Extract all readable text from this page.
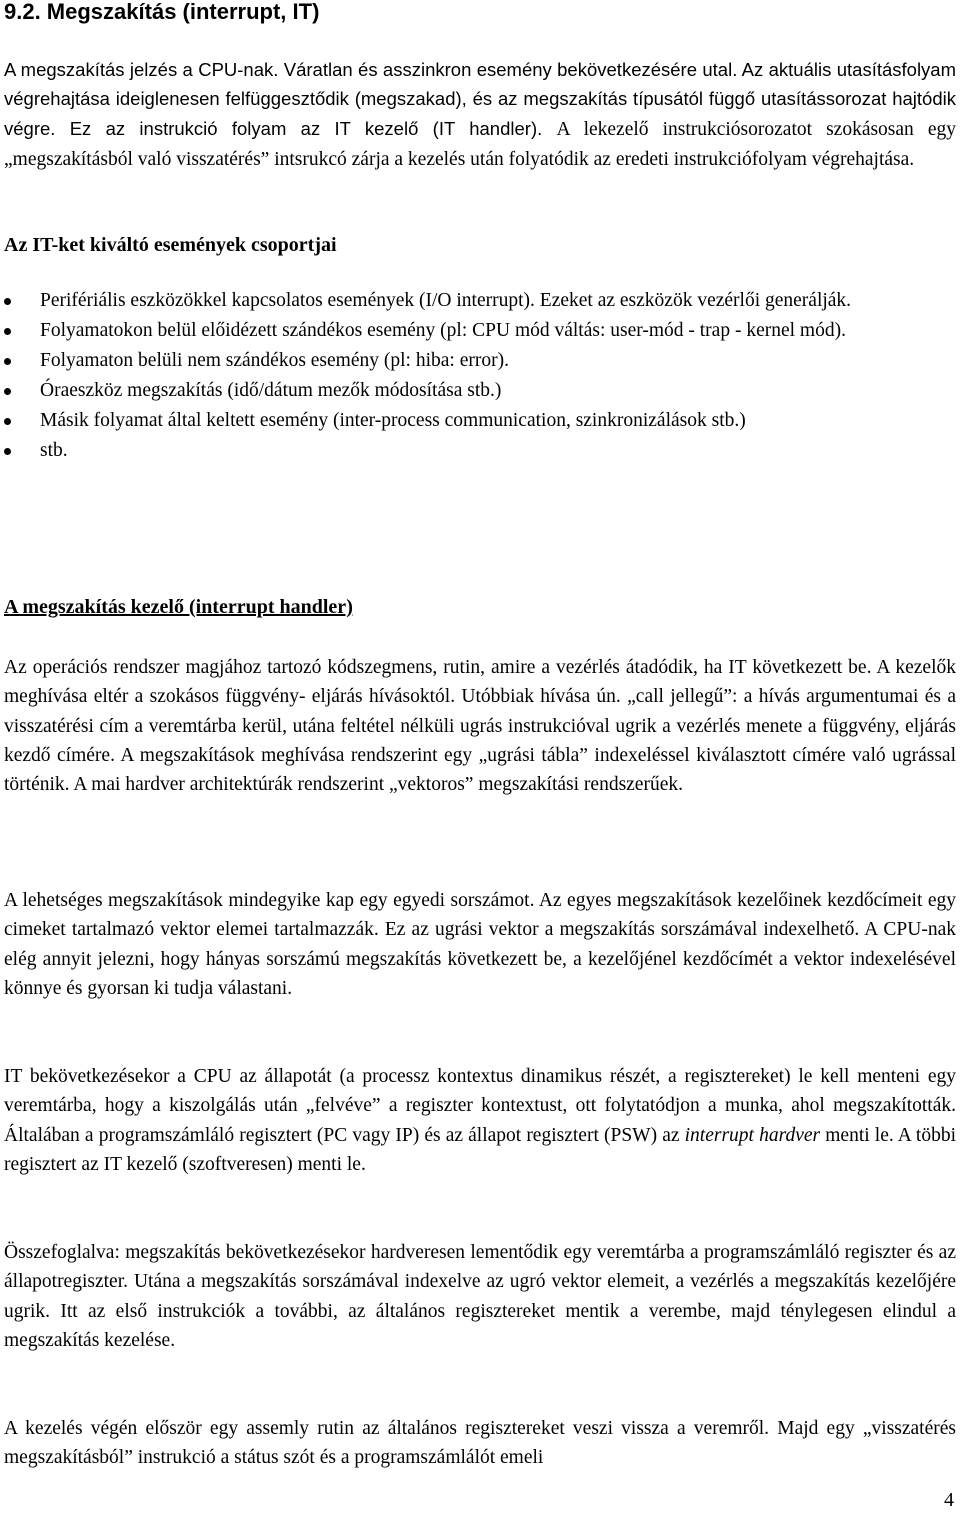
9.2. Megszakítás (interrupt, IT)

A megszakítás jelzés a CPU-nak. Váratlan és asszinkron esemény bekövetkezésére utal. Az aktuális utasításfolyam végrehajtása ideiglenesen felfüggesztődik (megszakad), és az megszakítás típusától függő utasítássorozat hajtódik végre. Ez az instrukció folyam az IT kezelő (IT handler). A lekezelő instrukciósorozatot szokásosan egy „megszakításból való visszatérés” intsrukcó zárja a kezelés után folyatódik az eredeti instrukciófolyam végrehajtása.

Az IT-ket kiváltó események csoportjai
Perifériális eszközökkel kapcsolatos események (I/O interrupt). Ezeket az eszközök vezérlői generálják.
Folyamatokon belül előidézett szándékos esemény (pl: CPU mód váltás: user-mód - trap - kernel mód).
Folyamaton belüli nem szándékos esemény (pl: hiba: error).
Óraeszköz megszakítás (idő/dátum mezők módosítása stb.)
Másik folyamat által keltett esemény (inter-process communication, szinkronizálások stb.)
stb.
A megszakítás kezelő (interrupt handler)

Az operációs rendszer magjához tartozó kódszegmens, rutin, amire a vezérlés átadódik, ha IT következett be. A kezelők meghívása eltér a szokásos függvény- eljárás hívásoktól. Utóbbiak hívása ún. „call jellegű”: a hívás argumentumai és a visszatérési cím a veremtárba kerül, utána feltétel nélküli ugrás instrukcióval ugrik a vezérlés menete a függvény, eljárás kezdő címére. A megszakítások meghívása rendszerint egy „ugrási tábla” indexeléssel kiválasztott címére való ugrással történik. A mai hardver architektúrák rendszerint „vektoros” megszakítási rendszerűek.

A lehetséges megszakítások mindegyike kap egy egyedi sorszámot. Az egyes megszakítások kezelőinek kezdőcímeit egy cimeket tartalmazó vektor elemei tartalmazzák. Ez az ugrási vektor a megszakítás sorszámával indexelhető. A CPU-nak elég annyit jelezni, hogy hányas sorszámú megszakítás következett be, a kezelőjénel kezdőcímét a vektor indexelésével könnye és gyorsan ki tudja válastani.

IT bekövetkezésekor a CPU az állapotát (a processz kontextus dinamikus részét, a regisztereket) le kell menteni egy veremtárba, hogy a kiszolgálás után „felvéve” a regiszter kontextust, ott folytatódjon a munka, ahol megszakították. Általában a programszámláló regisztert (PC vagy IP) és az állapot regisztert (PSW) az interrupt hardver menti le. A többi regisztert az IT kezelő (szoftveresen) menti le.

Összefoglalva: megszakítás bekövetkezésekor hardveresen lementődik egy veremtárba a programszámláló regiszter és az állapotregiszter. Utána a megszakítás sorszámával indexelve az ugró vektor elemeit, a vezérlés a megszakítás kezelőjére ugrik. Itt az első instrukciók a további, az általános regisztereket mentik a verembe, majd ténylegesen elindul a megszakítás kezelése.

A kezelés végén először egy assemly rutin az általános regisztereket veszi vissza a veremről. Majd egy „visszatérés megszakításból” instrukció a státus szót és a programszámlálót emeli

4
